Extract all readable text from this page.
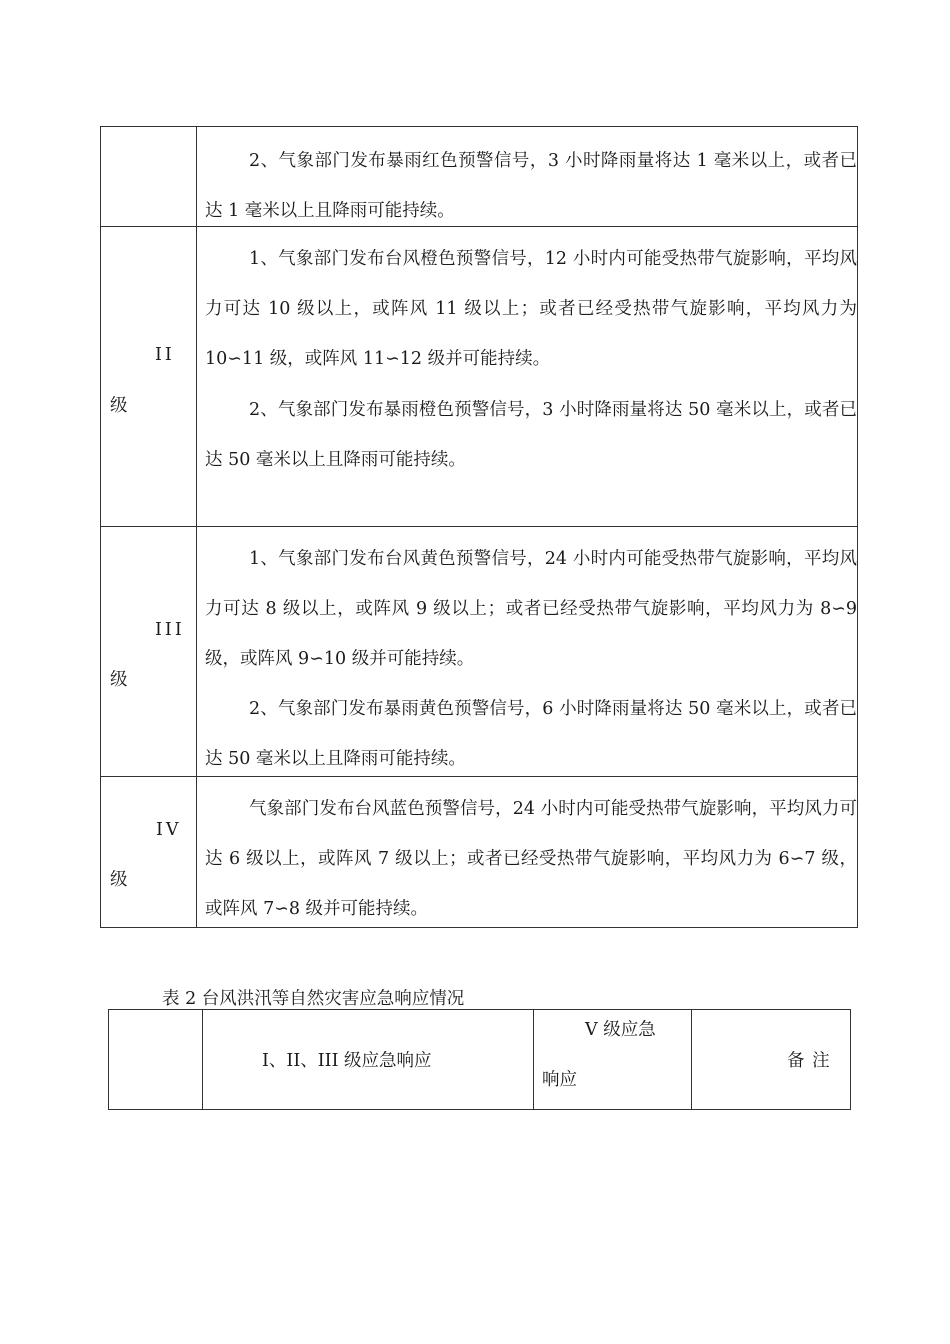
2、气象部门发布暴雨红色预警信号，3 小时降雨量将达 1 毫米以上，或者已达 1 毫米以上且降雨可能持续。
II
级
1、气象部门发布台风橙色预警信号，12 小时内可能受热带气旋影响，平均风力可达 10 级以上，或阵风 11 级以上；或者已经受热带气旋影响，平均风力为 10∽11 级，或阵风 11∽12 级并可能持续。
2、气象部门发布暴雨橙色预警信号，3 小时降雨量将达 50 毫米以上，或者已达 50 毫米以上且降雨可能持续。
III
级
1、气象部门发布台风黄色预警信号，24 小时内可能受热带气旋影响，平均风力可达 8 级以上，或阵风 9 级以上；或者已经受热带气旋影响，平均风力为 8∽9 级，或阵风 9∽10 级并可能持续。
2、气象部门发布暴雨黄色预警信号，6 小时降雨量将达 50 毫米以上，或者已达 50 毫米以上且降雨可能持续。
IV
级
气象部门发布台风蓝色预警信号，24 小时内可能受热带气旋影响，平均风力可达 6 级以上，或阵风 7 级以上；或者已经受热带气旋影响，平均风力为 6∽7 级，或阵风 7∽8 级并可能持续。
表 2 台风洪汛等自然灾害应急响应情况
I、II、III 级应急响应
V 级应急
响应
备 注
